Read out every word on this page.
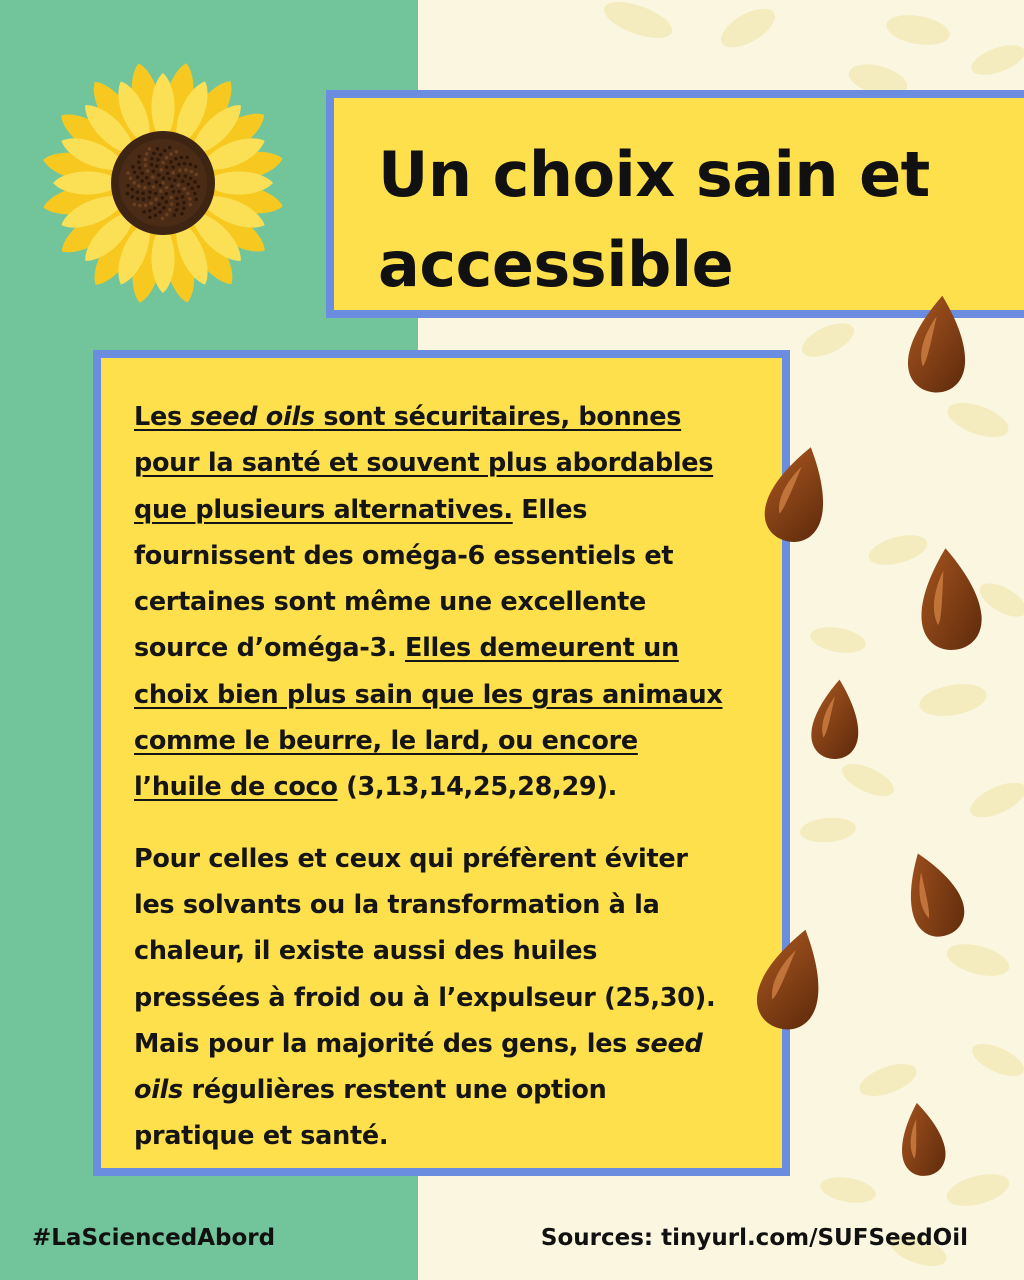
Un choix sain et
accessible

Les seed oils sont sécuritaires, bonnes
pour la santé et souvent plus abordables
que plusieurs alternatives. Elles
fournissent des oméga-6 essentiels et
certaines sont même une excellente
source d’oméga-3. Elles demeurent un
choix bien plus sain que les gras animaux
comme le beurre, le lard, ou encore
l’huile de coco (3,13,14,25,28,29).

Pour celles et ceux qui préfèrent éviter
les solvants ou la transformation à la
chaleur, il existe aussi des huiles
pressées à froid ou à l’expulseur (25,30).
Mais pour la majorité des gens, les seed
oils régulières restent une option
pratique et santé.

#LaSciencedAbord	Sources: tinyurl.com/SUFSeedOil
